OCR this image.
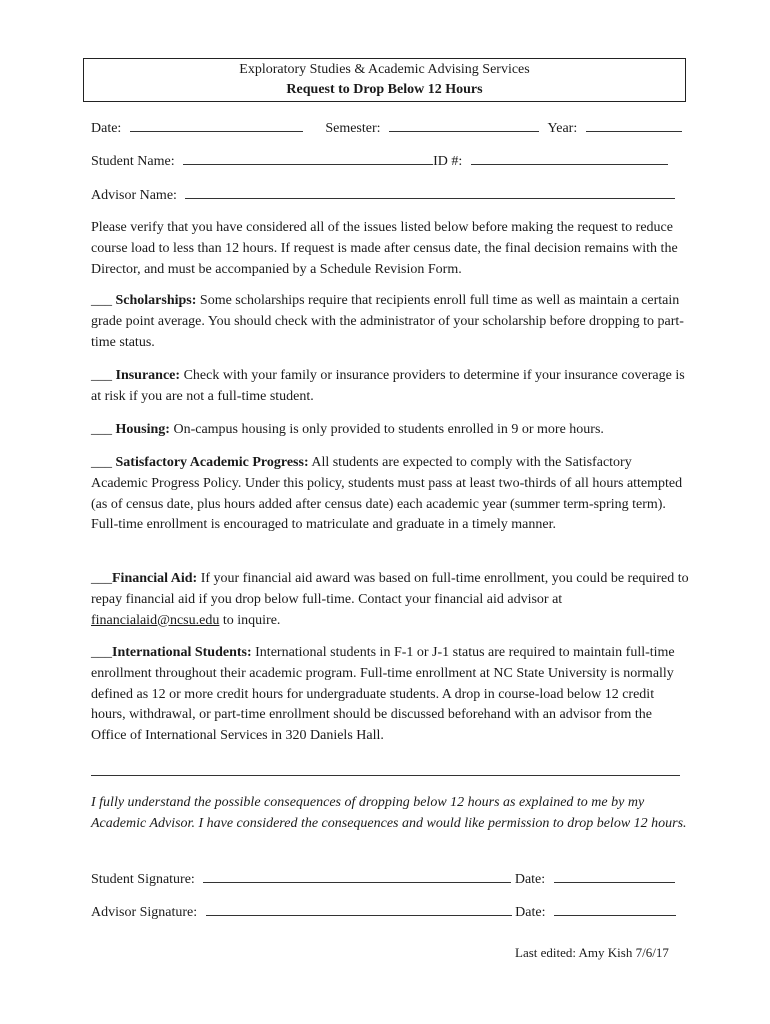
Exploratory Studies & Academic Advising Services
Request to Drop Below 12 Hours
Date:	Semester:	Year:
Student Name:	ID #:
Advisor Name:
Please verify that you have considered all of the issues listed below before making the request to reduce course load to less than 12 hours. If request is made after census date, the final decision remains with the Director, and must be accompanied by a Schedule Revision Form.
___ Scholarships: Some scholarships require that recipients enroll full time as well as maintain a certain grade point average. You should check with the administrator of your scholarship before dropping to part-time status.
___ Insurance: Check with your family or insurance providers to determine if your insurance coverage is at risk if you are not a full-time student.
___ Housing: On-campus housing is only provided to students enrolled in 9 or more hours.
___ Satisfactory Academic Progress: All students are expected to comply with the Satisfactory Academic Progress Policy. Under this policy, students must pass at least two-thirds of all hours attempted (as of census date, plus hours added after census date) each academic year (summer term-spring term). Full-time enrollment is encouraged to matriculate and graduate in a timely manner.
___Financial Aid: If your financial aid award was based on full-time enrollment, you could be required to repay financial aid if you drop below full-time. Contact your financial aid advisor at financialaid@ncsu.edu to inquire.
___International Students: International students in F-1 or J-1 status are required to maintain full-time enrollment throughout their academic program. Full-time enrollment at NC State University is normally defined as 12 or more credit hours for undergraduate students. A drop in course-load below 12 credit hours, withdrawal, or part-time enrollment should be discussed beforehand with an advisor from the Office of International Services in 320 Daniels Hall.
I fully understand the possible consequences of dropping below 12 hours as explained to me by my Academic Advisor. I have considered the consequences and would like permission to drop below 12 hours.
Student Signature:	Date:
Advisor Signature:	Date:
Last edited: Amy Kish 7/6/17
